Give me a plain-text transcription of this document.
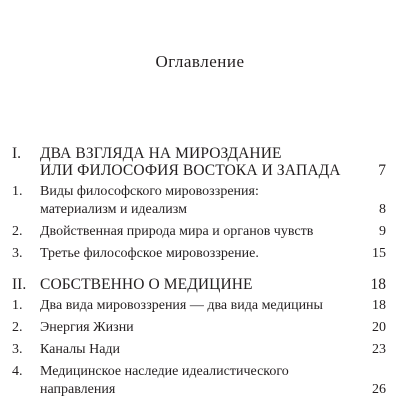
Оглавление
I.	ДВА ВЗГЛЯДА НА МИРОЗДАНИЕ
ИЛИ ФИЛОСОФИЯ ВОСТОКА И ЗАПАДА	7
1.	Виды философского мировоззрения:
материализм и идеализм	8
2.	Двойственная природа мира и органов чувств	9
3.	Третье философское мировоззрение.	15
II. СОБСТВЕННО О МЕДИЦИНЕ	18
1.	Два вида мировоззрения — два вида медицины	18
2.	Энергия Жизни	20
3.	Каналы Нади	23
4.	Медицинское наследие идеалистического
направления	26
